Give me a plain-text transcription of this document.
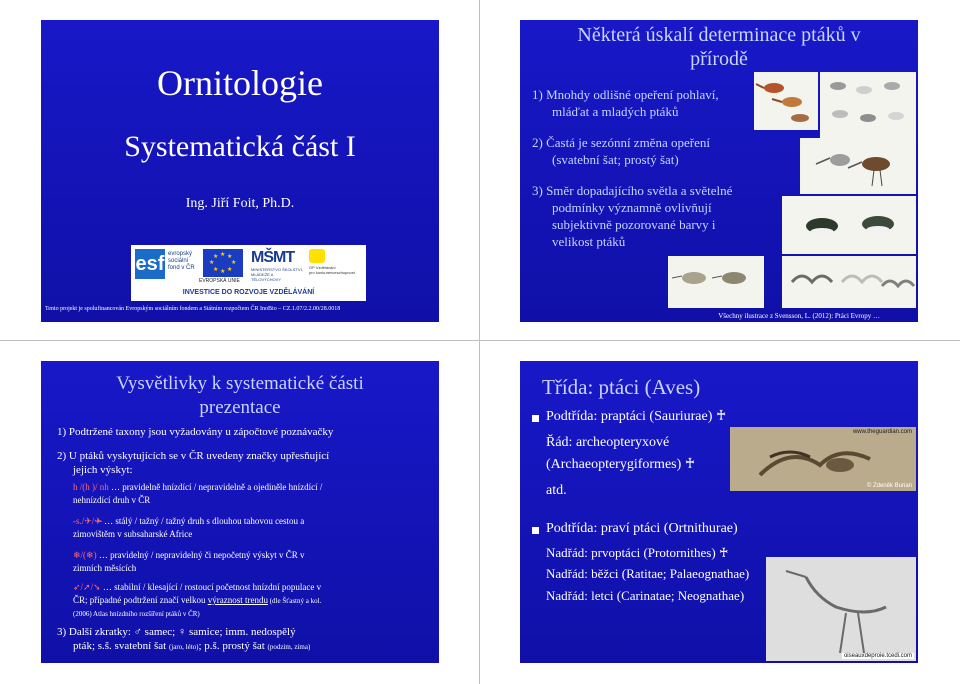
Ornitologie
Systematická část I
Ing. Jiří Foit, Ph.D.
esf evropský
sociální
fond v ČR
★ ★
★
★
★
★
★
★
EVROPSKÁ UNIE
MŠMT
MINISTERSTVO ŠKOLSTVÍ,
MLÁDEŽE A TĚLOVÝCHOVY
OP Vzdělávání
pro konkurenceschopnost
INVESTICE DO ROZVOJE VZDĚLÁVÁNÍ
Tento projekt je spolufinancován Evropským sociálním fondem a Státním rozpočtem ČR InoBio – CZ.1.07/2.2.00/28.0018
Některá úskalí determinace ptáků v
přírodě
1) Mnohdy odlišné opeření pohlaví,
mláďat a mladých ptáků
2) Častá je sezónní změna opeření
(svatební šat; prostý šat)
3) Směr dopadajícího světla a světelné
podmínky významně ovlivňují
subjektivně pozorované barvy i
velikost ptáků
Všechny ilustrace z Svensson, L. (2012): Ptáci Evropy …
Vysvětlivky k systematické části
prezentace
1) Podtržené taxony jsou vyžadovány u zápočtové poznávačky
2) U ptáků vyskytujících se v ČR uvedeny značky upřesňující
jejich výskyt:
h /(h )/ nh … pravidelně hnízdící / nepravidelně a ojediněle hnízdící /
nehnízdící druh v ČR
-s./✈/✈̶ … stálý / tažný / tažný druh s dlouhou tahovou cestou a
zimovištěm v subsaharské Africe
❄/(❄) … pravidelný / nepravidelný či nepočetný výskyt v ČR v
zimních měsících
➶/➚/➘ … stabilní / klesající / rostoucí početnost hnízdní populace v
ČR; případné podtržení značí velkou výraznost trendu (dle Šťastný a kol.
(2006) Atlas hnízdního rozšíření ptáků v ČR)
3) Další zkratky: ♂ samec; ♀ samice; imm. nedospělý
pták; s.š. svatební šat (jaro, léto); p.š. prostý šat (podzim, zima)
Třída: ptáci (Aves)
Podtřída: praptáci (Sauriurae) ♰
Řád: archeopteryxové
(Archaeopterygiformes) ♰
atd.
www.theguardian.com
© Zdeněk Burian
Podtřída: praví ptáci (Ortnithurae)
Nadřád: prvoptáci (Protornithes) ♰
Nadřád: běžci (Ratitae; Palaeognathae)
Nadřád: letci (Carinatae; Neognathae)
oiseauxdeproie.tcedi.com
